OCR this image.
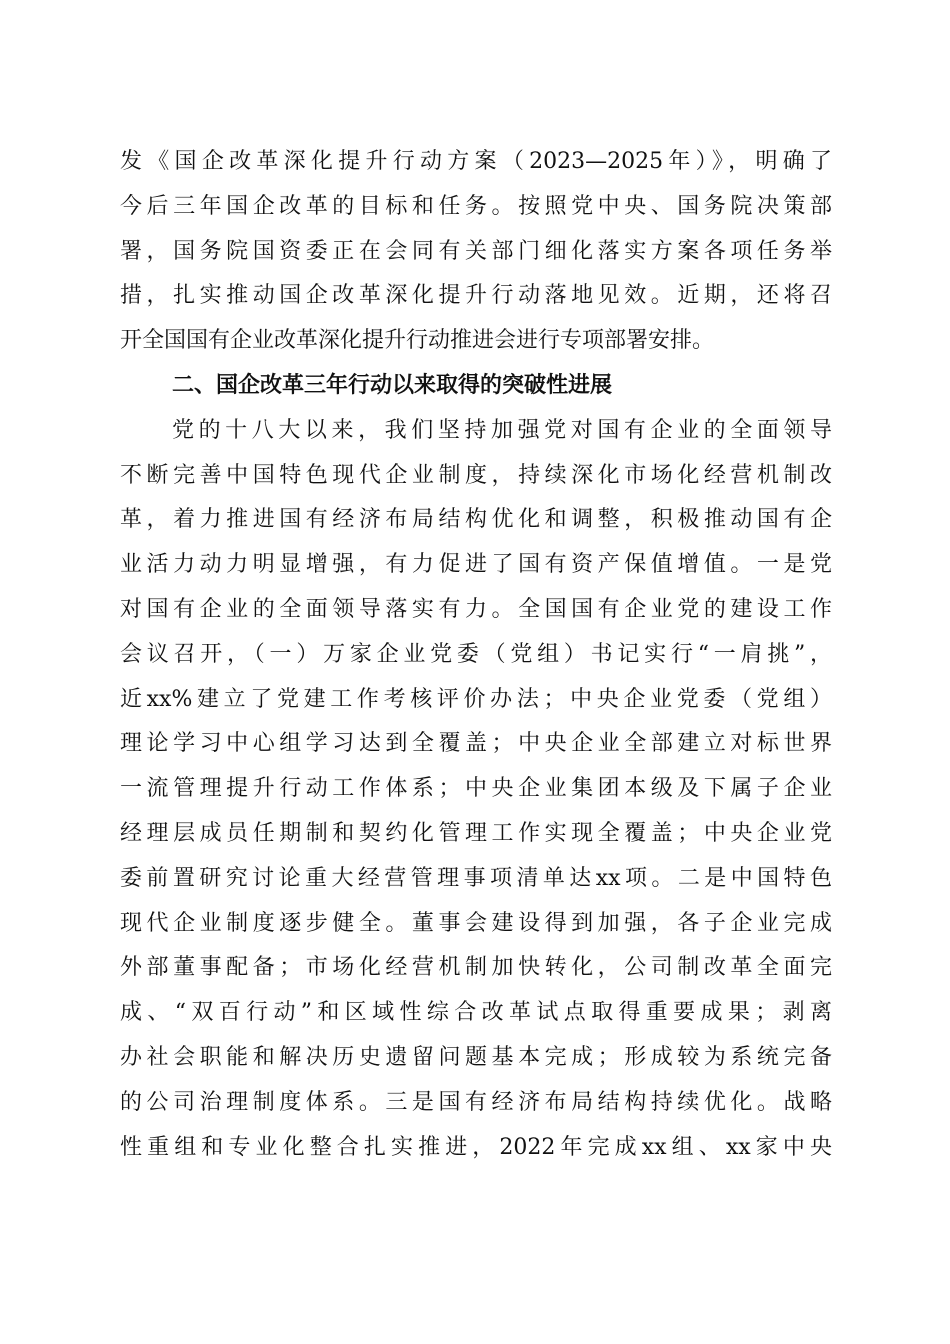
发《国企改革深化提升行动方案（2023—2025年）》，明确了
今后三年国企改革的目标和任务。按照党中央、国务院决策部
署，国务院国资委正在会同有关部门细化落实方案各项任务举
措，扎实推动国企改革深化提升行动落地见效。近期，还将召
开全国国有企业改革深化提升行动推进会进行专项部署安排。
二、国企改革三年行动以来取得的突破性进展
党的十八大以来，我们坚持加强党对国有企业的全面领导
不断完善中国特色现代企业制度，持续深化市场化经营机制改
革，着力推进国有经济布局结构优化和调整，积极推动国有企
业活力动力明显增强，有力促进了国有资产保值增值。一是党
对国有企业的全面领导落实有力。全国国有企业党的建设工作
会议召开，（一）万家企业党委（党组）书记实行“一肩挑”，
近xx%建立了党建工作考核评价办法；中央企业党委（党组）
理论学习中心组学习达到全覆盖；中央企业全部建立对标世界
一流管理提升行动工作体系；中央企业集团本级及下属子企业
经理层成员任期制和契约化管理工作实现全覆盖；中央企业党
委前置研究讨论重大经营管理事项清单达xx项。二是中国特色
现代企业制度逐步健全。董事会建设得到加强，各子企业完成
外部董事配备；市场化经营机制加快转化，公司制改革全面完
成、“双百行动”和区域性综合改革试点取得重要成果；剥离
办社会职能和解决历史遗留问题基本完成；形成较为系统完备
的公司治理制度体系。三是国有经济布局结构持续优化。战略
性重组和专业化整合扎实推进，2022年完成xx组、xx家中央
